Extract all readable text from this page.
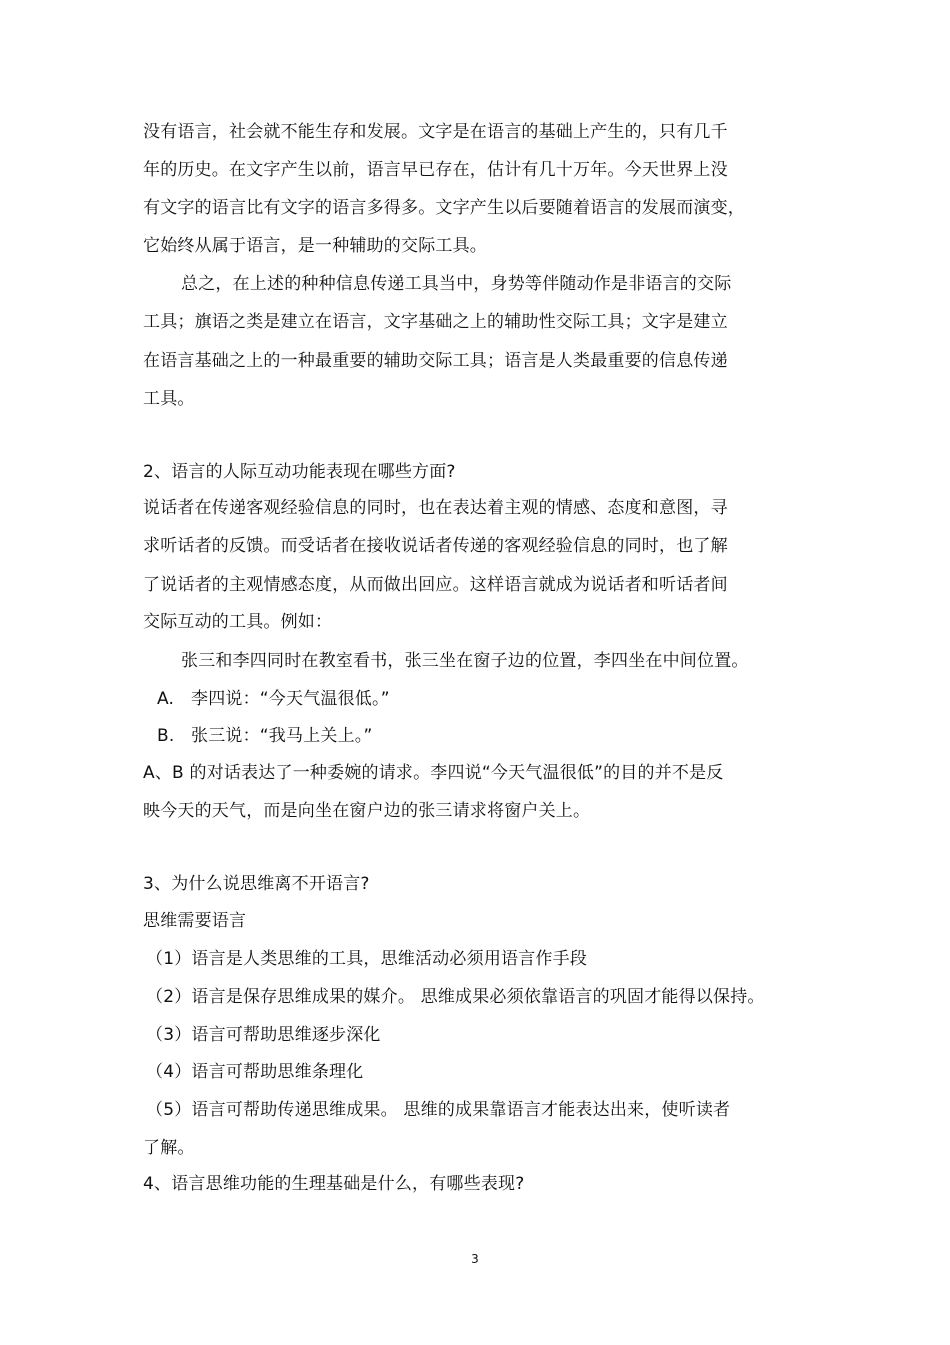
没有语言，社会就不能生存和发展。文字是在语言的基础上产生的，只有几千
年的历史。在文字产生以前，语言早已存在，估计有几十万年。今天世界上没
有文字的语言比有文字的语言多得多。文字产生以后要随着语言的发展而演变，
它始终从属于语言，是一种辅助的交际工具。
总之，在上述的种种信息传递工具当中，身势等伴随动作是非语言的交际
工具；旗语之类是建立在语言，文字基础之上的辅助性交际工具；文字是建立
在语言基础之上的一种最重要的辅助交际工具；语言是人类最重要的信息传递
工具。
2、语言的人际互动功能表现在哪些方面?
说话者在传递客观经验信息的同时，也在表达着主观的情感、态度和意图，寻
求听话者的反馈。而受话者在接收说话者传递的客观经验信息的同时，也了解
了说话者的主观情感态度，从而做出回应。这样语言就成为说话者和听话者间
交际互动的工具。例如：
张三和李四同时在教室看书，张三坐在窗子边的位置，李四坐在中间位置。
A. 李四说：“今天气温很低。”
B. 张三说：“我马上关上。”
A、B 的对话表达了一种委婉的请求。李四说“今天气温很低”的目的并不是反
映今天的天气，而是向坐在窗户边的张三请求将窗户关上。
3、为什么说思维离不开语言?
思维需要语言
（1）语言是人类思维的工具，思维活动必须用语言作手段
（2）语言是保存思维成果的媒介。 思维成果必须依靠语言的巩固才能得以保持。
（3）语言可帮助思维逐步深化
（4）语言可帮助思维条理化
（5）语言可帮助传递思维成果。 思维的成果靠语言才能表达出来，使听读者
了解。
4、语言思维功能的生理基础是什么，有哪些表现?
3
